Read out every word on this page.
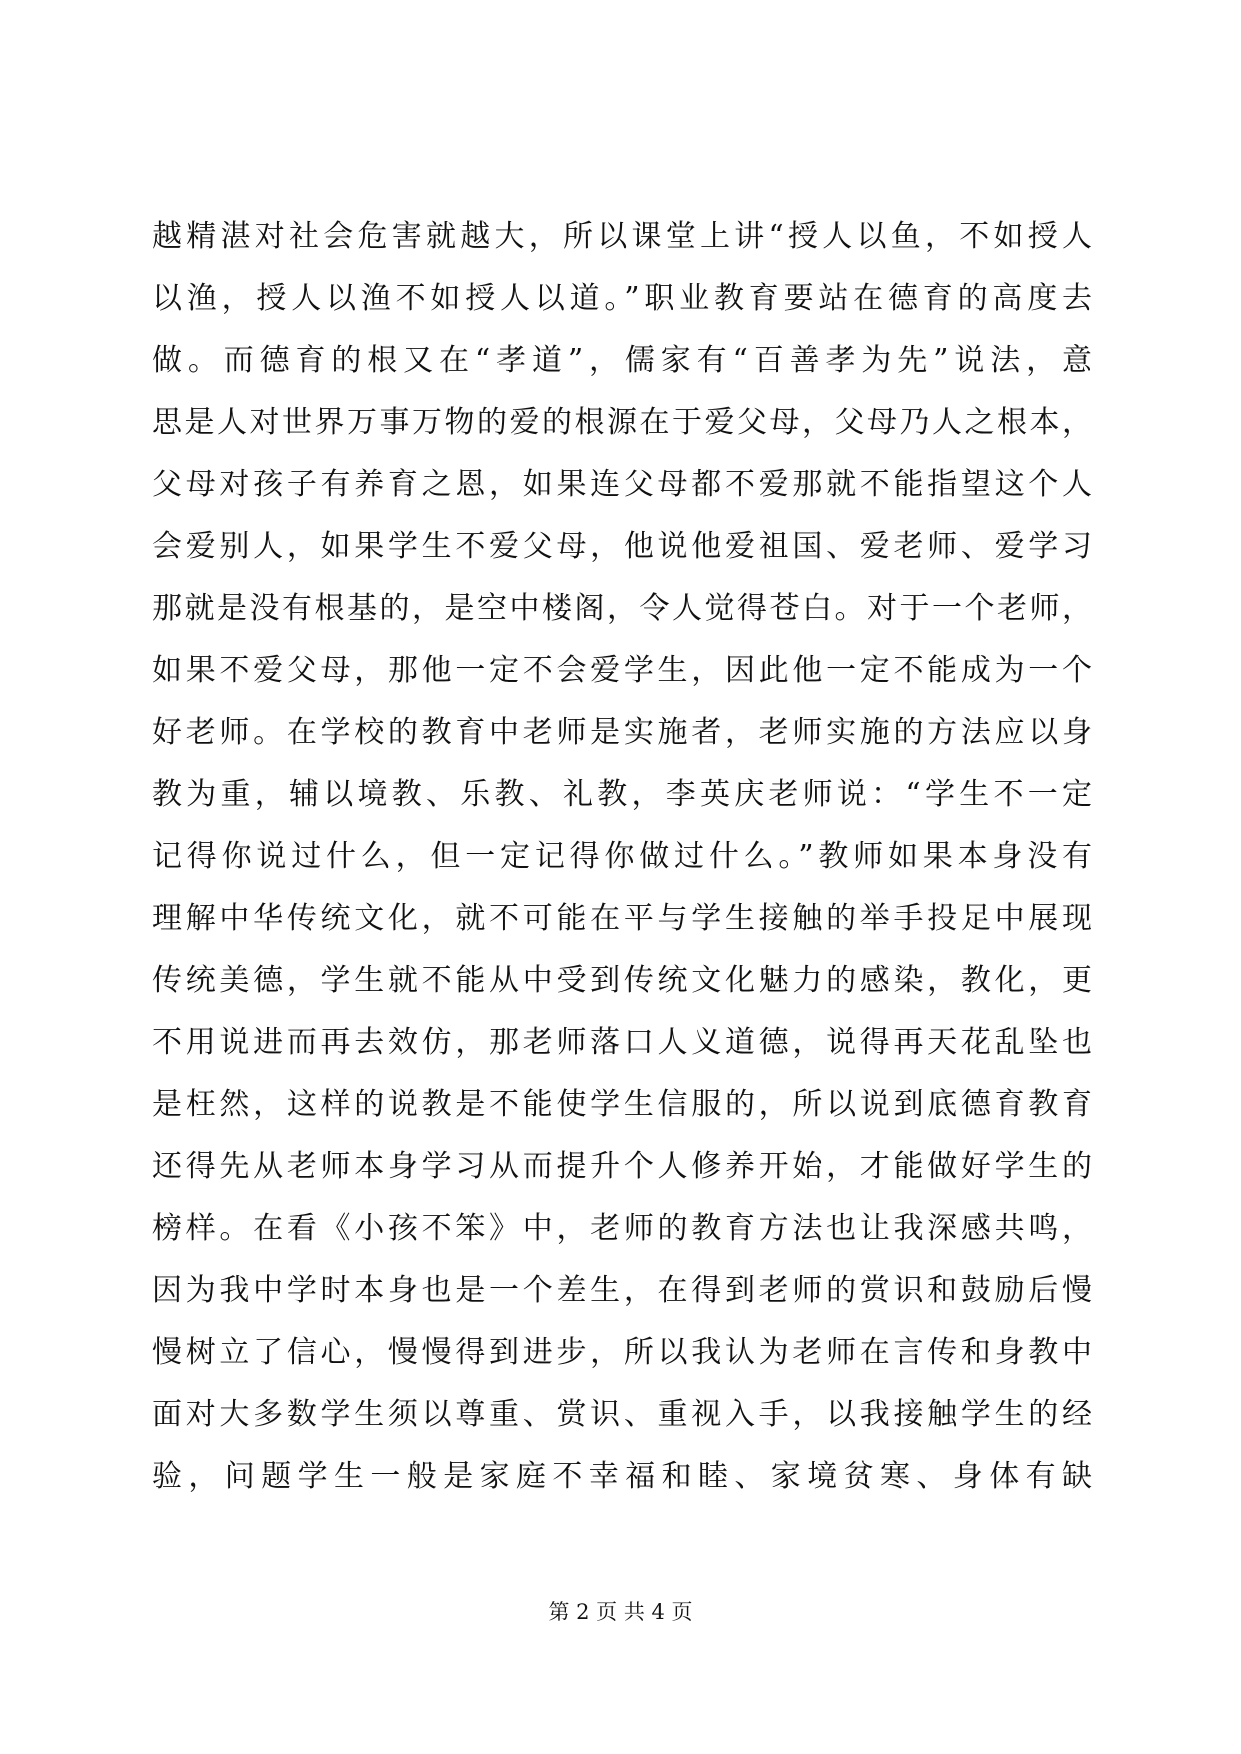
越精湛对社会危害就越大，所以课堂上讲“授人以鱼，不如授人
以渔，授人以渔不如授人以道。”职业教育要站在德育的高度去
做。而德育的根又在“孝道”，儒家有“百善孝为先”说法，意
思是人对世界万事万物的爱的根源在于爱父母，父母乃人之根本，
父母对孩子有养育之恩，如果连父母都不爱那就不能指望这个人
会爱别人，如果学生不爱父母，他说他爱祖国、爱老师、爱学习
那就是没有根基的，是空中楼阁，令人觉得苍白。对于一个老师，
如果不爱父母，那他一定不会爱学生，因此他一定不能成为一个
好老师。在学校的教育中老师是实施者，老师实施的方法应以身
教为重，辅以境教、乐教、礼教，李英庆老师说：“学生不一定
记得你说过什么，但一定记得你做过什么。”教师如果本身没有
理解中华传统文化，就不可能在平与学生接触的举手投足中展现
传统美德，学生就不能从中受到传统文化魅力的感染，教化，更
不用说进而再去效仿，那老师落口人义道德，说得再天花乱坠也
是枉然，这样的说教是不能使学生信服的，所以说到底德育教育
还得先从老师本身学习从而提升个人修养开始，才能做好学生的
榜样。在看《小孩不笨》中，老师的教育方法也让我深感共鸣，
因为我中学时本身也是一个差生，在得到老师的赏识和鼓励后慢
慢树立了信心，慢慢得到进步，所以我认为老师在言传和身教中
面对大多数学生须以尊重、赏识、重视入手，以我接触学生的经
验，问题学生一般是家庭不幸福和睦、家境贫寒、身体有缺
第 2 页 共 4 页
